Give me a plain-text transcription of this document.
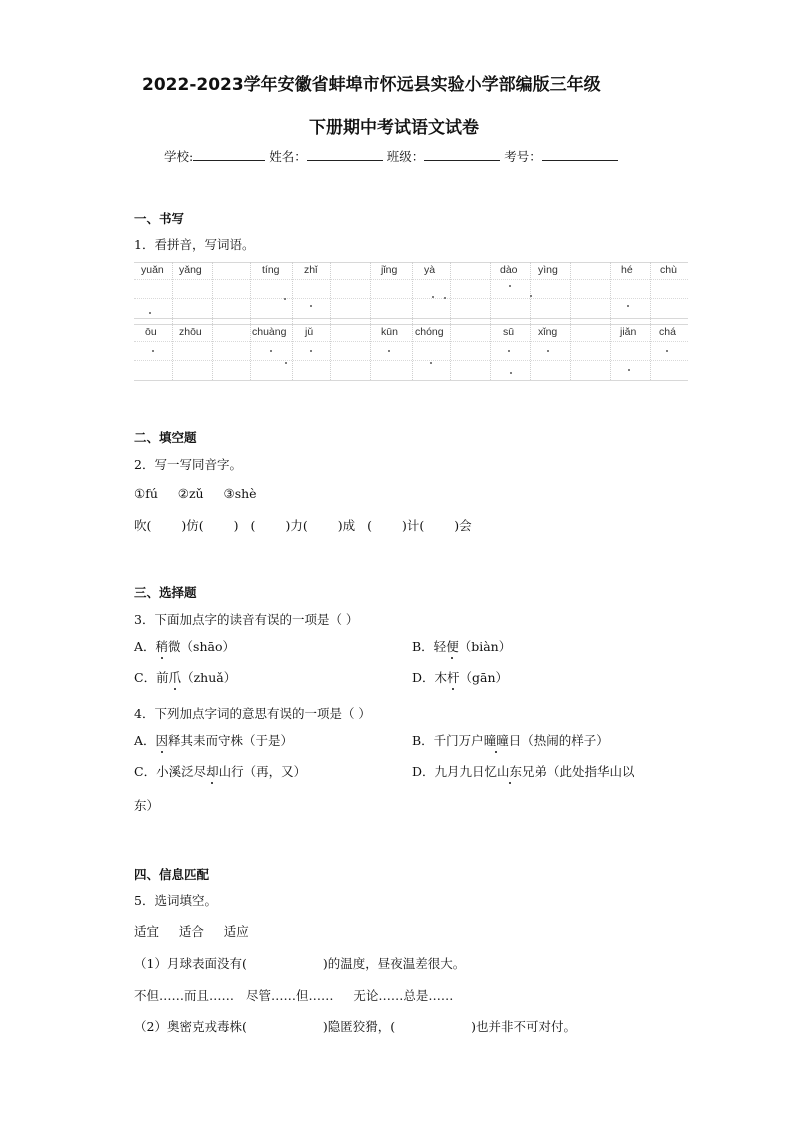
2022-2023学年安徽省蚌埠市怀远县实验小学部编版三年级
下册期中考试语文试卷
学校:	姓名：	班级：	考号：
一、书写
1．看拼音，写词语。
yuǎn yǎng	tíng zhǐ	jǐng	yà	dào yìng	hé	chù
ōu zhōu	chuàng jǔ	kūn chóng	sū xǐng	jiǎn chá
二、填空题
2．写一写同音字。
①fú ②zǔ ③shè
吹( )仿( ) ( )力( )成 ( )计( )会
三、选择题
3．下面加点字的读音有误的一项是（ ）
A．稍微（shāo）	B．轻便（biàn）
C．前爪（zhuǎ）	D．木杆（gān）
4．下列加点字词的意思有误的一项是（ ）
A．因释其耒而守株（于是）	B．千门万户曈曈日（热闹的样子）
C．小溪泛尽却山行（再，又）	D．九月九日忆山东兄弟（此处指华山以
东）
四、信息匹配
5．选词填空。
适宜 适合 适应
（1）月球表面没有(	)的温度，昼夜温差很大。
不但……而且…… 尽管……但…… 无论……总是……
（2）奥密克戎毒株(	)隐匿狡猾，(	)也并非不可对付。
